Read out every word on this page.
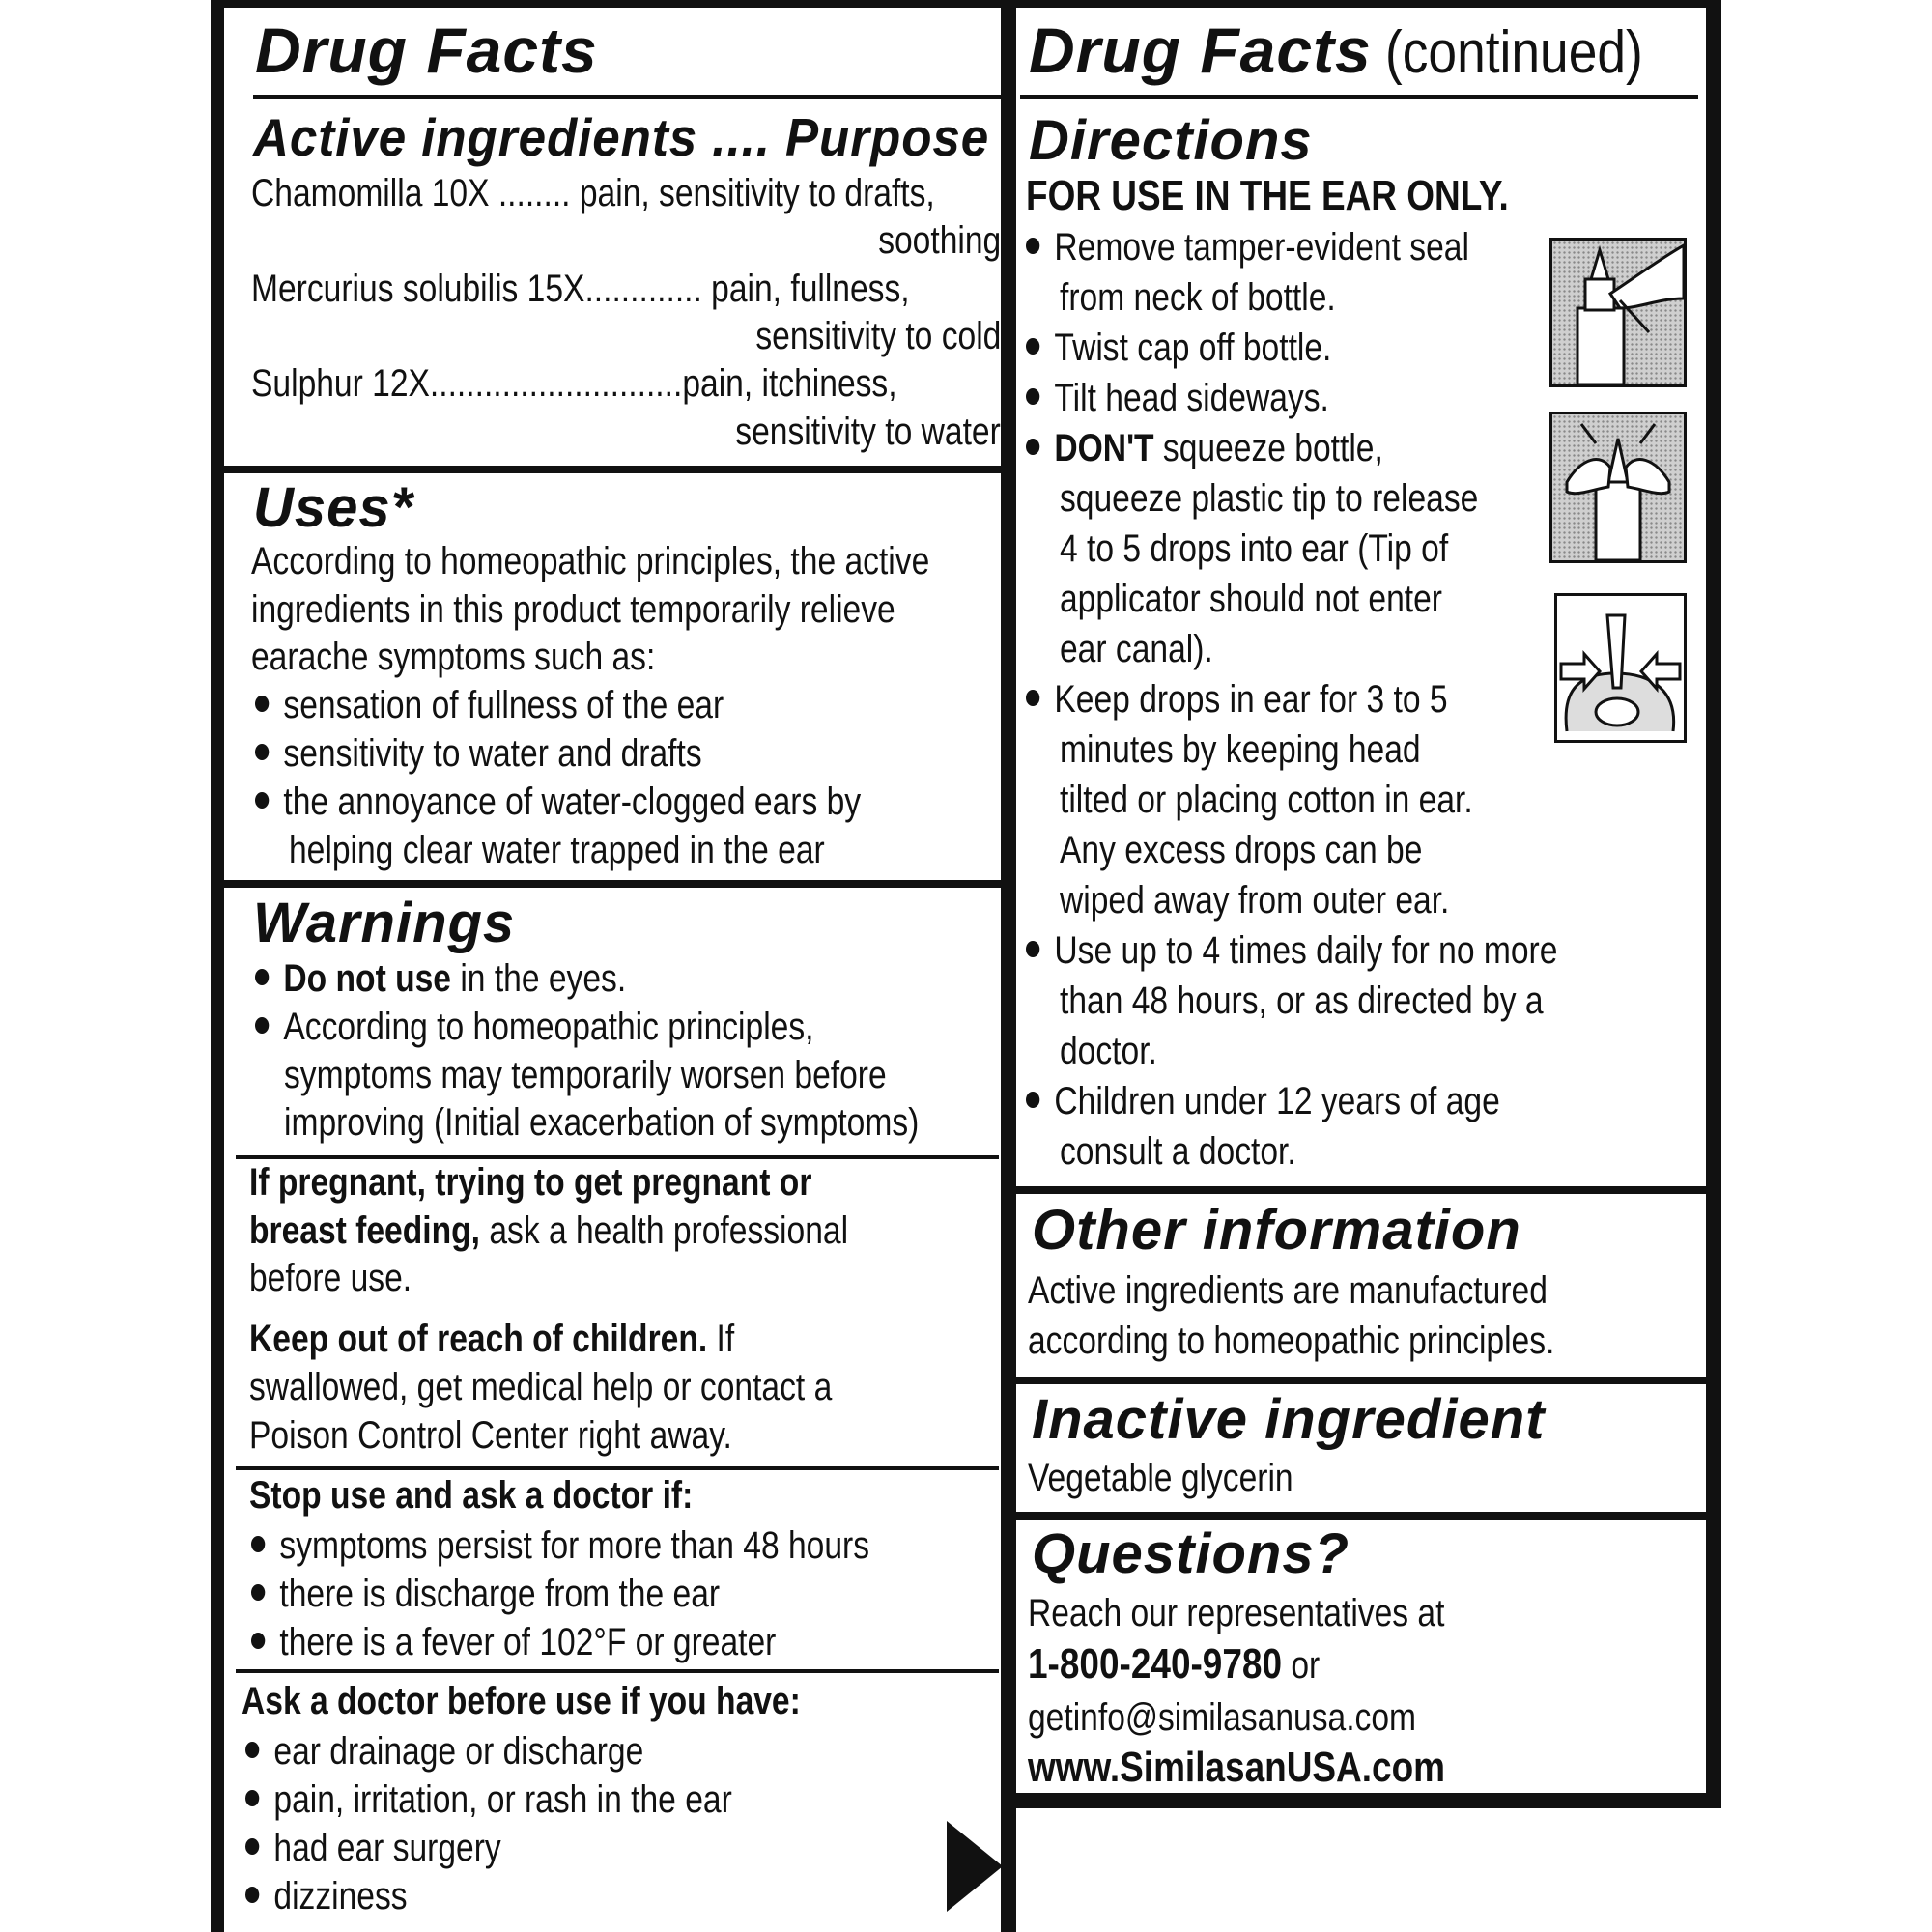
Drug Facts
Active ingredients .... Purpose
Chamomilla 10X ........ pain, sensitivity to drafts,
soothing
Mercurius solubilis 15X............. pain, fullness,
sensitivity to cold
Sulphur 12X............................pain, itchiness,
sensitivity to water
Uses*
According to homeopathic principles, the active
ingredients in this product temporarily relieve
earache symptoms such as:
sensation of fullness of the ear
sensitivity to water and drafts
the annoyance of water-clogged ears by
helping clear water trapped in the ear
Warnings
Do not use in the eyes.
According to homeopathic principles,
symptoms may temporarily worsen before
improving (Initial exacerbation of symptoms)
If pregnant, trying to get pregnant or
breast feeding, ask a health professional
before use.
Keep out of reach of children. If
swallowed, get medical help or contact a
Poison Control Center right away.
Stop use and ask a doctor if:
symptoms persist for more than 48 hours
there is discharge from the ear
there is a fever of 102°F or greater
Ask a doctor before use if you have:
ear drainage or discharge
pain, irritation, or rash in the ear
had ear surgery
dizziness
Drug Facts (continued)
Directions
FOR USE IN THE EAR ONLY.
Remove tamper-evident seal
from neck of bottle.
Twist cap off bottle.
Tilt head sideways.
DON'T squeeze bottle,
squeeze plastic tip to release
4 to 5 drops into ear (Tip of
applicator should not enter
ear canal).
Keep drops in ear for 3 to 5
minutes by keeping head
tilted or placing cotton in ear.
Any excess drops can be
wiped away from outer ear.
Use up to 4 times daily for no more
than 48 hours, or as directed by a
doctor.
Children under 12 years of age
consult a doctor.
Other information
Active ingredients are manufactured
according to homeopathic principles.
Inactive ingredient
Vegetable glycerin
Questions?
Reach our representatives at
1-800-240-9780 or
getinfo@similasanusa.com
www.SimilasanUSA.com
